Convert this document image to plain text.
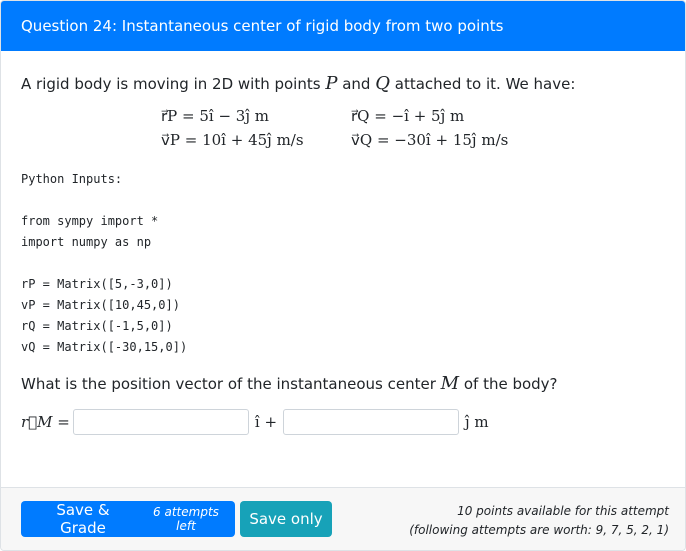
Question 24: Instantaneous center of rigid body from two points
A rigid body is moving in 2D with points P and Q attached to it. We have:
r⃗P = 5î − 3ĵ m	r⃗Q = −î + 5ĵ m
v⃗P = 10î + 45ĵ m/s	v⃗Q = −30î + 15ĵ m/s
Python Inputs:
from sympy import *
import numpy as np
rP = Matrix([5,-3,0])
vP = Matrix([10,45,0])
rQ = Matrix([-1,5,0])
vQ = Matrix([-30,15,0])
What is the position vector of the instantaneous center M of the body?
r⃗M =	î +	ĵ m
Save & Grade
6 attempts left	Save only	10 points available for this attempt
(following attempts are worth: 9, 7, 5, 2, 1)
